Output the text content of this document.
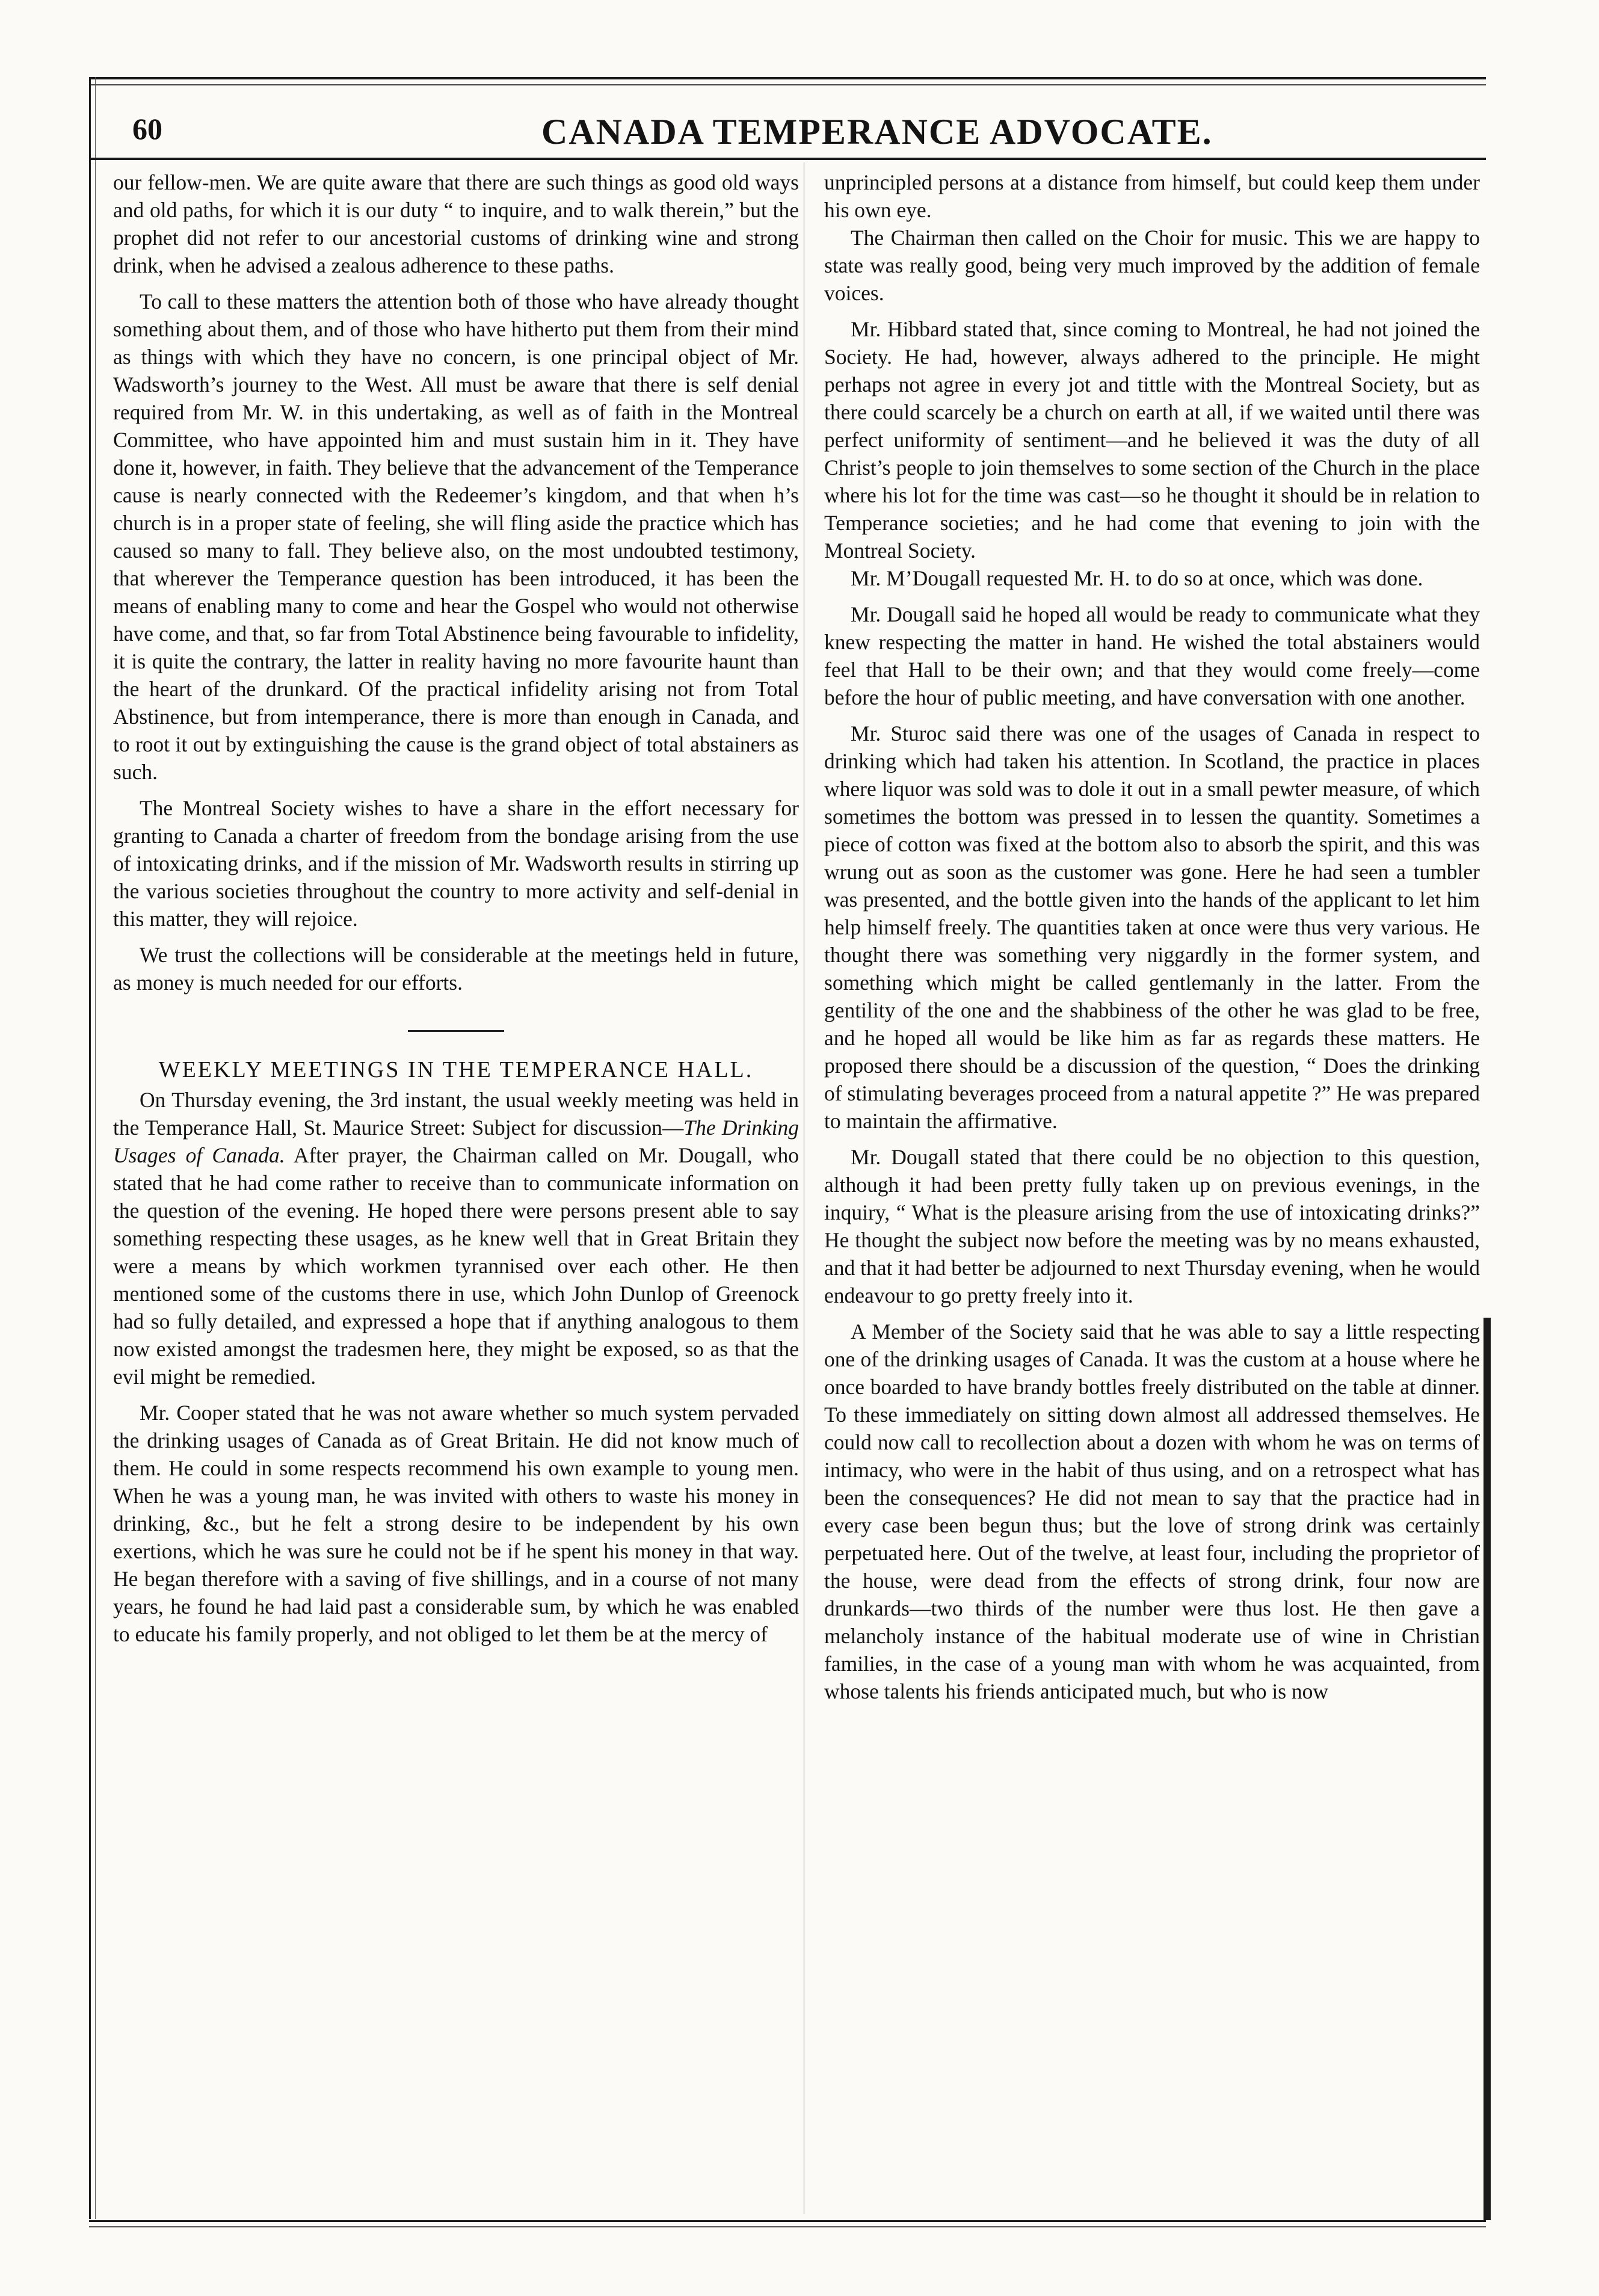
60	CANADA TEMPERANCE ADVOCATE.

our fellow-men. We are quite aware that there are such things as good old ways and old paths, for which it is our duty “ to inquire, and to walk therein,” but the prophet did not refer to our ancestorial customs of drinking wine and strong drink, when he advised a zealous adherence to these paths.

To call to these matters the attention both of those who have already thought something about them, and of those who have hitherto put them from their mind as things with which they have no concern, is one principal object of Mr. Wadsworth’s journey to the West. All must be aware that there is self denial required from Mr. W. in this undertaking, as well as of faith in the Montreal Committee, who have appointed him and must sustain him in it. They have done it, however, in faith. They believe that the advancement of the Temperance cause is nearly connected with the Redeemer’s kingdom, and that when h’s church is in a proper state of feeling, she will fling aside the practice which has caused so many to fall. They believe also, on the most undoubted testimony, that wherever the Temperance question has been introduced, it has been the means of enabling many to come and hear the Gospel who would not otherwise have come, and that, so far from Total Abstinence being favourable to infidelity, it is quite the contrary, the latter in reality having no more favourite haunt than the heart of the drunkard. Of the practical infidelity arising not from Total Abstinence, but from intemperance, there is more than enough in Canada, and to root it out by extinguishing the cause is the grand object of total abstainers as such.

The Montreal Society wishes to have a share in the effort necessary for granting to Canada a charter of freedom from the bondage arising from the use of intoxicating drinks, and if the mission of Mr. Wadsworth results in stirring up the various societies throughout the country to more activity and self-denial in this matter, they will rejoice.

We trust the collections will be considerable at the meetings held in future, as money is much needed for our efforts.

WEEKLY MEETINGS IN THE TEMPERANCE HALL.

On Thursday evening, the 3rd instant, the usual weekly meeting was held in the Temperance Hall, St. Maurice Street: Subject for discussion—The Drinking Usages of Canada. After prayer, the Chairman called on Mr. Dougall, who stated that he had come rather to receive than to communicate information on the question of the evening. He hoped there were persons present able to say something respecting these usages, as he knew well that in Great Britain they were a means by which workmen tyrannised over each other. He then mentioned some of the customs there in use, which John Dunlop of Greenock had so fully detailed, and expressed a hope that if anything analogous to them now existed amongst the tradesmen here, they might be exposed, so as that the evil might be remedied.

Mr. Cooper stated that he was not aware whether so much system pervaded the drinking usages of Canada as of Great Britain. He did not know much of them. He could in some respects recommend his own example to young men. When he was a young man, he was invited with others to waste his money in drinking, &c., but he felt a strong desire to be independent by his own exertions, which he was sure he could not be if he spent his money in that way. He began therefore with a saving of five shillings, and in a course of not many years, he found he had laid past a considerable sum, by which he was enabled to educate his family properly, and not obliged to let them be at the mercy of

unprincipled persons at a distance from himself, but could keep them under his own eye.

The Chairman then called on the Choir for music. This we are happy to state was really good, being very much improved by the addition of female voices.

Mr. Hibbard stated that, since coming to Montreal, he had not joined the Society. He had, however, always adhered to the principle. He might perhaps not agree in every jot and tittle with the Montreal Society, but as there could scarcely be a church on earth at all, if we waited until there was perfect uniformity of sentiment—and he believed it was the duty of all Christ’s people to join themselves to some section of the Church in the place where his lot for the time was cast—so he thought it should be in relation to Temperance societies; and he had come that evening to join with the Montreal Society.

Mr. M’Dougall requested Mr. H. to do so at once, which was done.

Mr. Dougall said he hoped all would be ready to communicate what they knew respecting the matter in hand. He wished the total abstainers would feel that Hall to be their own; and that they would come freely—come before the hour of public meeting, and have conversation with one another.

Mr. Sturoc said there was one of the usages of Canada in respect to drinking which had taken his attention. In Scotland, the practice in places where liquor was sold was to dole it out in a small pewter measure, of which sometimes the bottom was pressed in to lessen the quantity. Sometimes a piece of cotton was fixed at the bottom also to absorb the spirit, and this was wrung out as soon as the customer was gone. Here he had seen a tumbler was presented, and the bottle given into the hands of the applicant to let him help himself freely. The quantities taken at once were thus very various. He thought there was something very niggardly in the former system, and something which might be called gentlemanly in the latter. From the gentility of the one and the shabbiness of the other he was glad to be free, and he hoped all would be like him as far as regards these matters. He proposed there should be a discussion of the question, “ Does the drinking of stimulating beverages proceed from a natural appetite ?” He was prepared to maintain the affirmative.

Mr. Dougall stated that there could be no objection to this question, although it had been pretty fully taken up on previous evenings, in the inquiry, “ What is the pleasure arising from the use of intoxicating drinks?” He thought the subject now before the meeting was by no means exhausted, and that it had better be adjourned to next Thursday evening, when he would endeavour to go pretty freely into it.

A Member of the Society said that he was able to say a little respecting one of the drinking usages of Canada. It was the custom at a house where he once boarded to have brandy bottles freely distributed on the table at dinner. To these immediately on sitting down almost all addressed themselves. He could now call to recollection about a dozen with whom he was on terms of intimacy, who were in the habit of thus using, and on a retrospect what has been the consequences? He did not mean to say that the practice had in every case been begun thus; but the love of strong drink was certainly perpetuated here. Out of the twelve, at least four, including the proprietor of the house, were dead from the effects of strong drink, four now are drunkards—two thirds of the number were thus lost. He then gave a melancholy instance of the habitual moderate use of wine in Christian families, in the case of a young man with whom he was acquainted, from whose talents his friends anticipated much, but who is now
